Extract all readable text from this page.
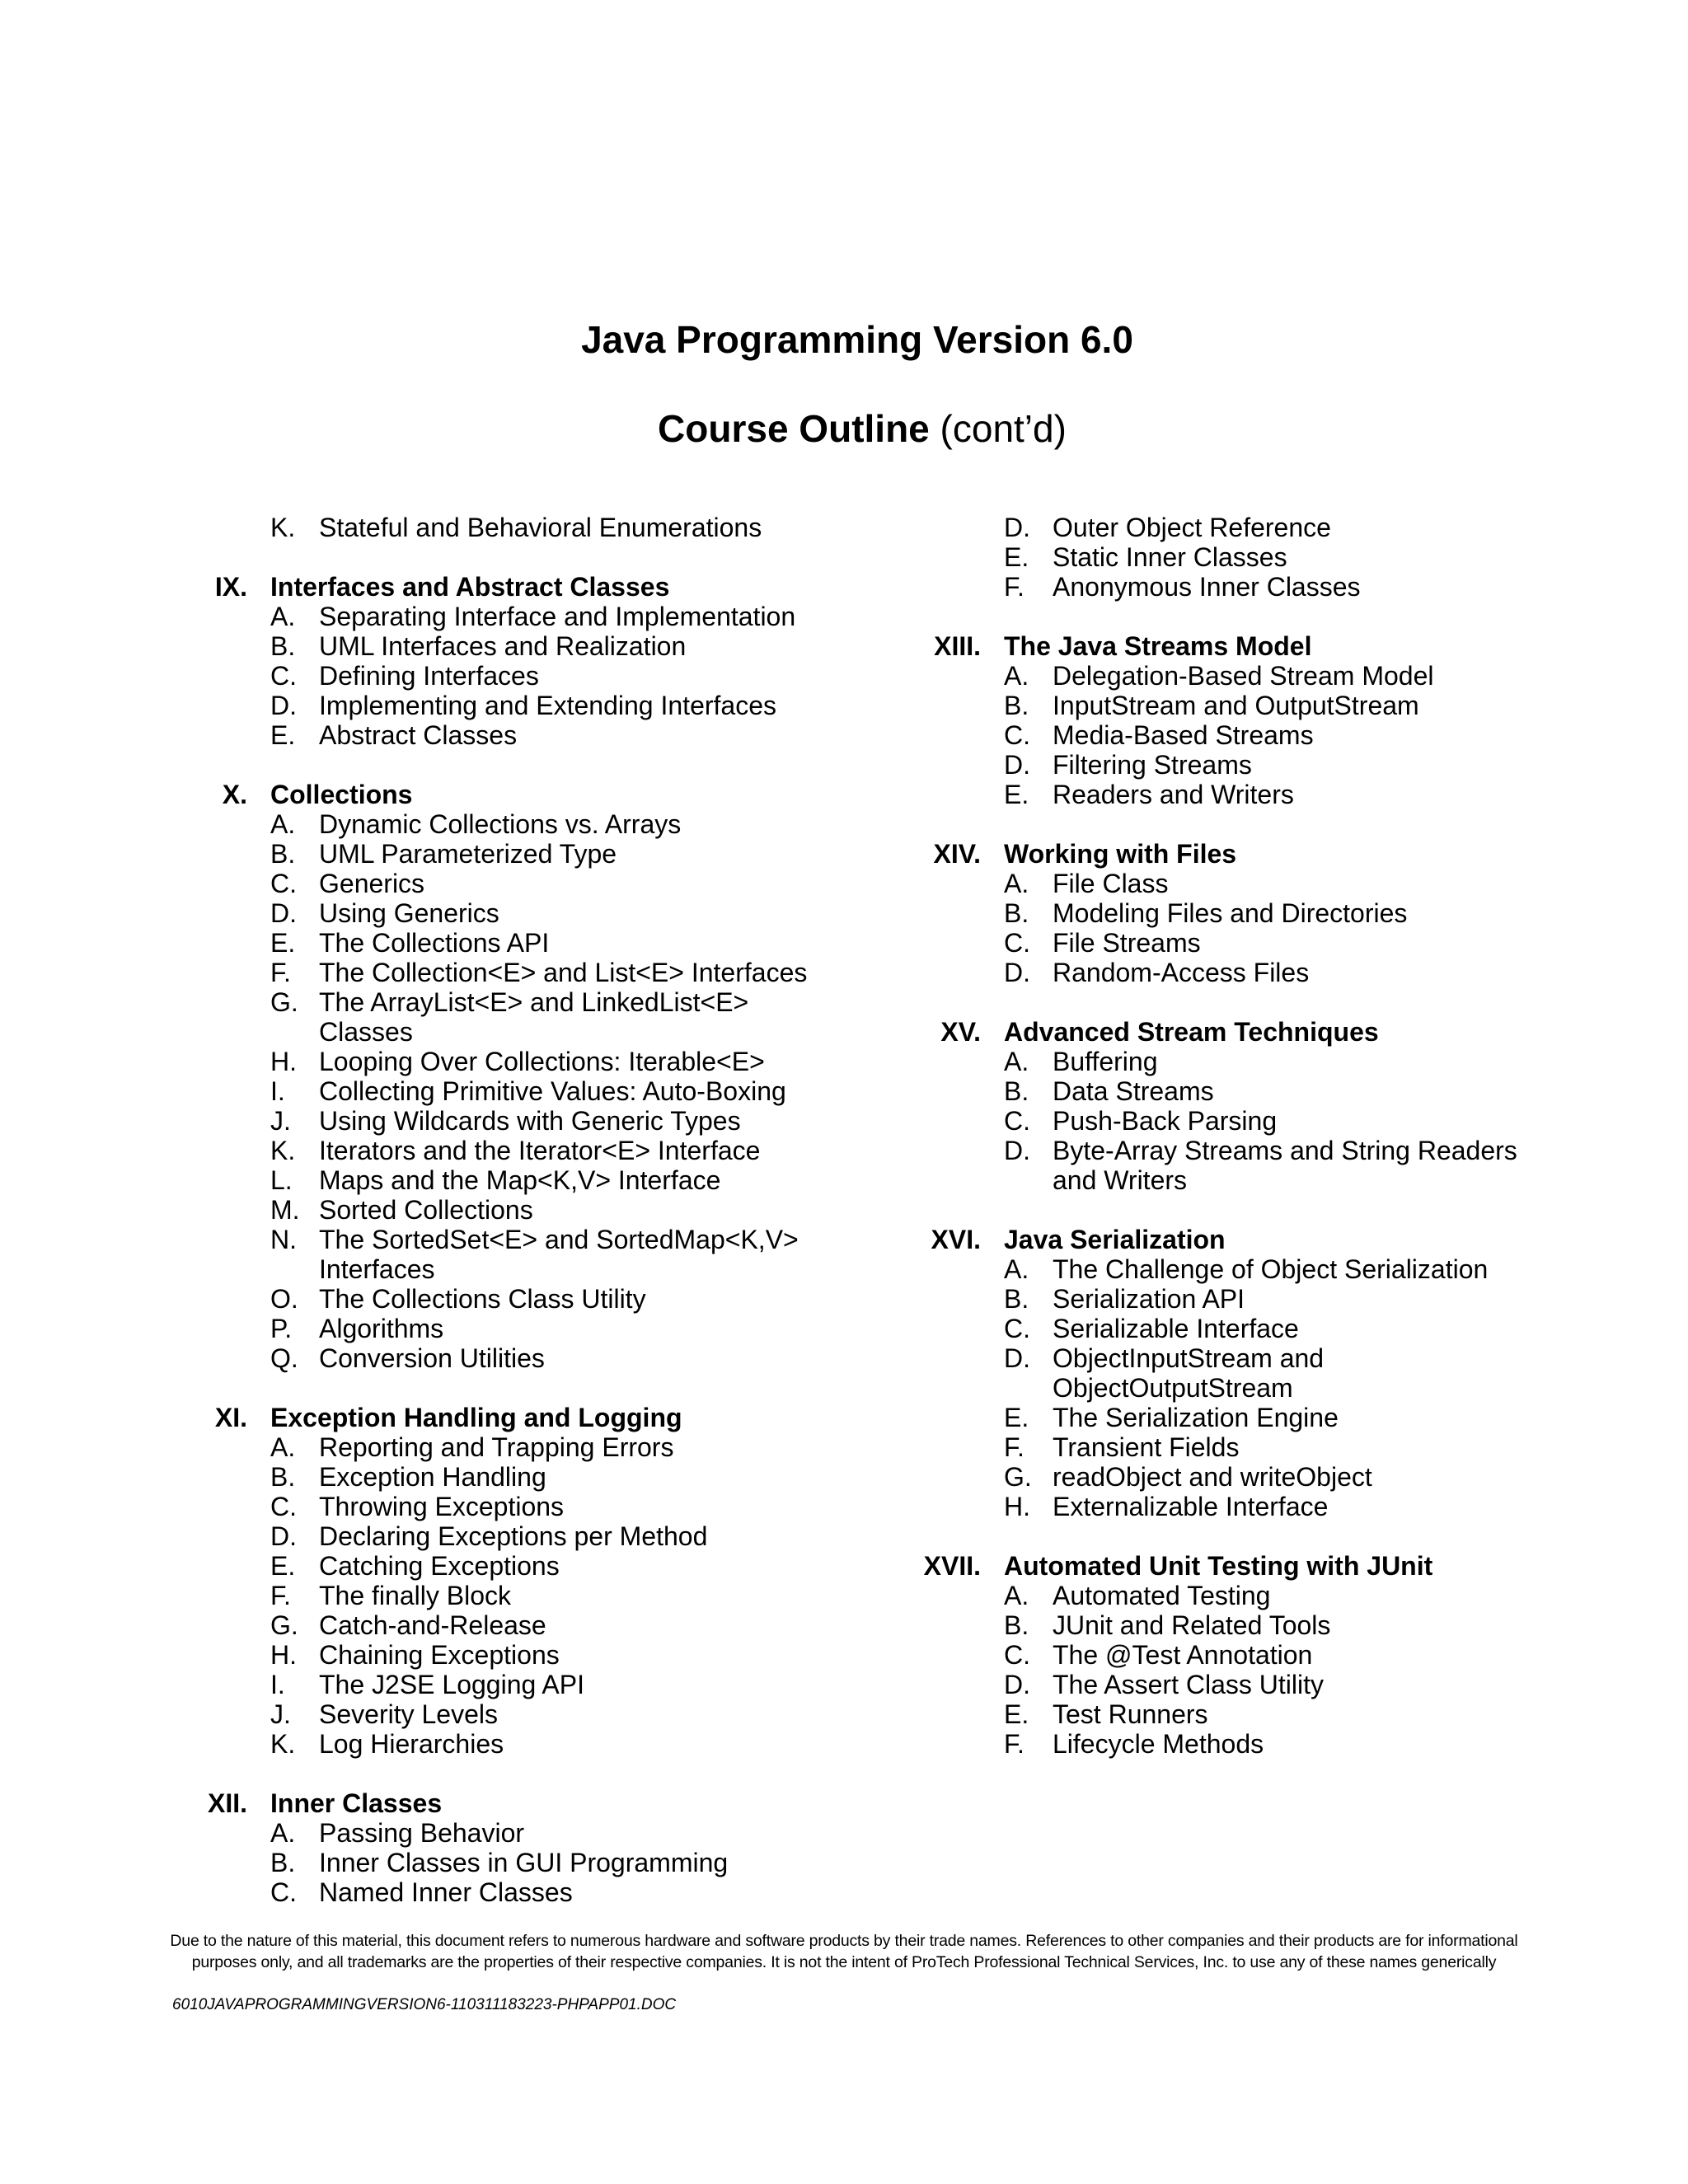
Java Programming Version 6.0
Course Outline (cont’d)
K. Stateful and Behavioral Enumerations
IX. Interfaces and Abstract Classes
A. Separating Interface and Implementation
B. UML Interfaces and Realization
C. Defining Interfaces
D. Implementing and Extending Interfaces
E. Abstract Classes
X. Collections
A. Dynamic Collections vs. Arrays
B. UML Parameterized Type
C. Generics
D. Using Generics
E. The Collections API
F. The Collection<E> and List<E> Interfaces
G. The ArrayList<E> and LinkedList<E> Classes
H. Looping Over Collections: Iterable<E>
I. Collecting Primitive Values: Auto-Boxing
J. Using Wildcards with Generic Types
K. Iterators and the Iterator<E> Interface
L. Maps and the Map<K,V> Interface
M. Sorted Collections
N. The SortedSet<E> and SortedMap<K,V> Interfaces
O. The Collections Class Utility
P. Algorithms
Q. Conversion Utilities
XI. Exception Handling and Logging
A. Reporting and Trapping Errors
B. Exception Handling
C. Throwing Exceptions
D. Declaring Exceptions per Method
E. Catching Exceptions
F. The finally Block
G. Catch-and-Release
H. Chaining Exceptions
I. The J2SE Logging API
J. Severity Levels
K. Log Hierarchies
XII. Inner Classes
A. Passing Behavior
B. Inner Classes in GUI Programming
C. Named Inner Classes
D. Outer Object Reference
E. Static Inner Classes
F. Anonymous Inner Classes
XIII. The Java Streams Model
A. Delegation-Based Stream Model
B. InputStream and OutputStream
C. Media-Based Streams
D. Filtering Streams
E. Readers and Writers
XIV. Working with Files
A. File Class
B. Modeling Files and Directories
C. File Streams
D. Random-Access Files
XV. Advanced Stream Techniques
A. Buffering
B. Data Streams
C. Push-Back Parsing
D. Byte-Array Streams and String Readers and Writers
XVI. Java Serialization
A. The Challenge of Object Serialization
B. Serialization API
C. Serializable Interface
D. ObjectInputStream and ObjectOutputStream
E. The Serialization Engine
F. Transient Fields
G. readObject and writeObject
H. Externalizable Interface
XVII. Automated Unit Testing with JUnit
A. Automated Testing
B. JUnit and Related Tools
C. The @Test Annotation
D. The Assert Class Utility
E. Test Runners
F. Lifecycle Methods
Due to the nature of this material, this document refers to numerous hardware and software products by their trade names. References to other companies and their products are for informational
purposes only, and all trademarks are the properties of their respective companies. It is not the intent of ProTech Professional Technical Services, Inc. to use any of these names generically
6010JAVAPROGRAMMINGVERSION6-110311183223-PHPAPP01.DOC
